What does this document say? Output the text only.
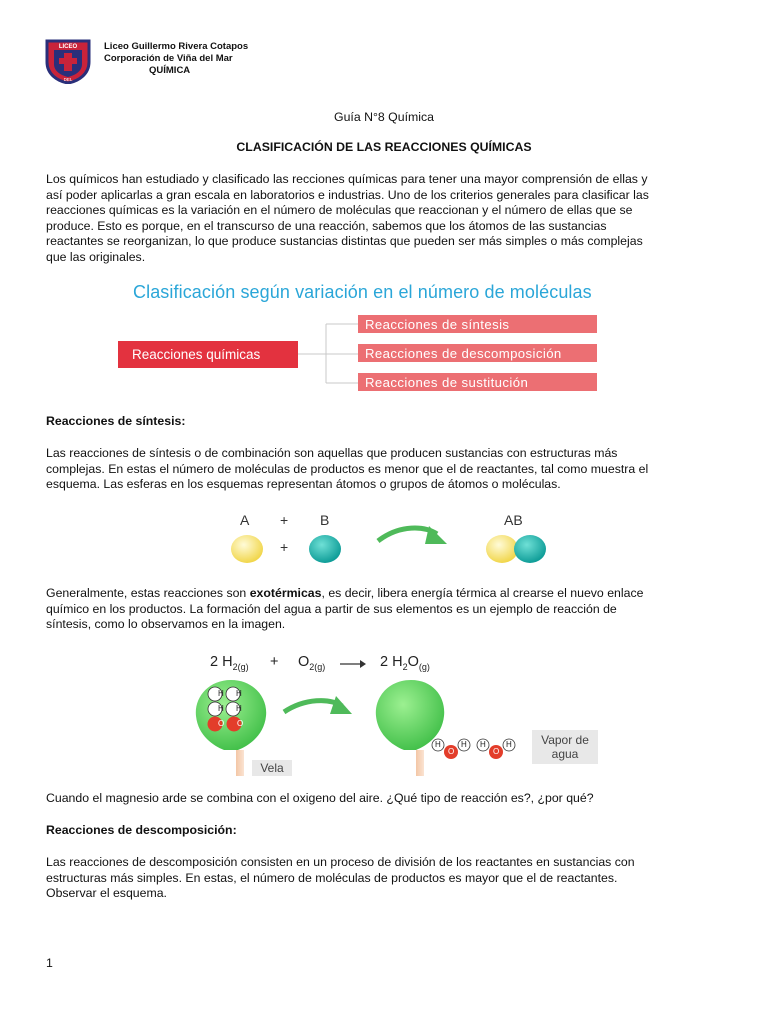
LICEO
DEL
Liceo Guillermo Rivera Cotapos
Corporación de Viña del Mar
QUÍMICA
Guía N°8 Química
CLASIFICACIÓN DE LAS REACCIONES QUÍMICAS
Los químicos han estudiado y clasificado las recciones químicas para tener una mayor comprensión de ellas y
así poder aplicarlas a gran escala en laboratorios e industrias. Uno de los criterios generales para clasificar las
reacciones químicas es la variación en el número de moléculas que reaccionan y el número de ellas que se
produce. Esto es porque, en el transcurso de una reacción, sabemos que los átomos de las sustancias
reactantes se reorganizan, lo que produce sustancias distintas que pueden ser más simples o más complejas
que las originales.
Clasificación según variación en el número de moléculas
Reacciones químicas
Reacciones de síntesis
Reacciones de descomposición
Reacciones de sustitución
Reacciones de síntesis:
Las reacciones de síntesis o de combinación son aquellas que producen sustancias con estructuras más
complejas. En estas el número de moléculas de productos es menor que el de reactantes, tal como muestra el
esquema. Las esferas en los esquemas representan átomos o grupos de átomos o moléculas.
A + B
+
AB
Generalmente, estas reacciones son exotérmicas, es decir, libera energía térmica al crearse el nuevo enlace
químico en los productos. La formación del agua a partir de sus elementos es un ejemplo de reacción de
síntesis, como lo observamos en la imagen.
2 $H_{2(g)} + O_{2(g)}$	2 $H_2O_{(g)}$
H H
H H
O O
H
O
H H
O
H
Vela
Vapor de agua
Cuando el magnesio arde se combina con el oxigeno del aire. ¿Qué tipo de reacción es?, ¿por qué?
Reacciones de descomposición:
Las reacciones de descomposición consisten en un proceso de división de los reactantes en sustancias con
estructuras más simples. En estas, el número de moléculas de productos es mayor que el de reactantes.
Observar el esquema.
1
